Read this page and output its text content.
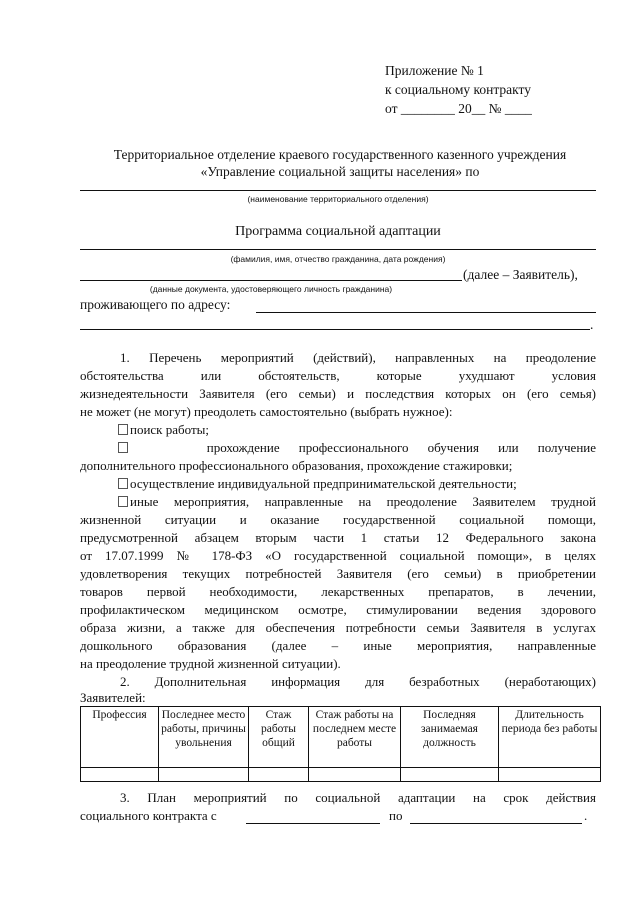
Приложение № 1
к социальному контракту
от ________ 20__ № ____
Территориальное отделение краевого государственного казенного учреждения
«Управление социальной защиты населения» по
(наименование территориального отделения)
Программа социальной адаптации
(фамилия, имя, отчество гражданина, дата рождения)
(далее – Заявитель),
(данные документа, удостоверяющего личность гражданина)
проживающего по адресу:
.
1. Перечень мероприятий (действий), направленных на преодоление
обстоятельства или обстоятельств, которые ухудшают условия
жизнедеятельности Заявителя (его семьи) и последствия которых он (его семья)
не может (не могут) преодолеть самостоятельно (выбрать нужное):
поиск работы;
прохождение профессионального обучения или получение
дополнительного профессионального образования, прохождение стажировки;
осуществление индивидуальной предпринимательской деятельности;
иные мероприятия, направленные на преодоление Заявителем трудной
жизненной ситуации и оказание государственной социальной помощи,
предусмотренной абзацем вторым части 1 статьи 12 Федерального закона
от 17.07.1999 № 178-ФЗ «О государственной социальной помощи», в целях
удовлетворения текущих потребностей Заявителя (его семьи) в приобретении
товаров первой необходимости, лекарственных препаратов, в лечении,
профилактическом медицинском осмотре, стимулировании ведения здорового
образа жизни, а также для обеспечения потребности семьи Заявителя в услугах
дошкольного образования (далее – иные мероприятия, направленные
на преодоление трудной жизненной ситуации).
2. Дополнительная информация для безработных (неработающих)
Заявителей:
Профессия	Последнее место работы, причины увольнения	Стаж работы общий	Стаж работы на последнем месте работы	Последняя занимаемая должность	Длительность периода без работы

3. План мероприятий по социальной адаптации на срок действия
социального контракта с	по	.
